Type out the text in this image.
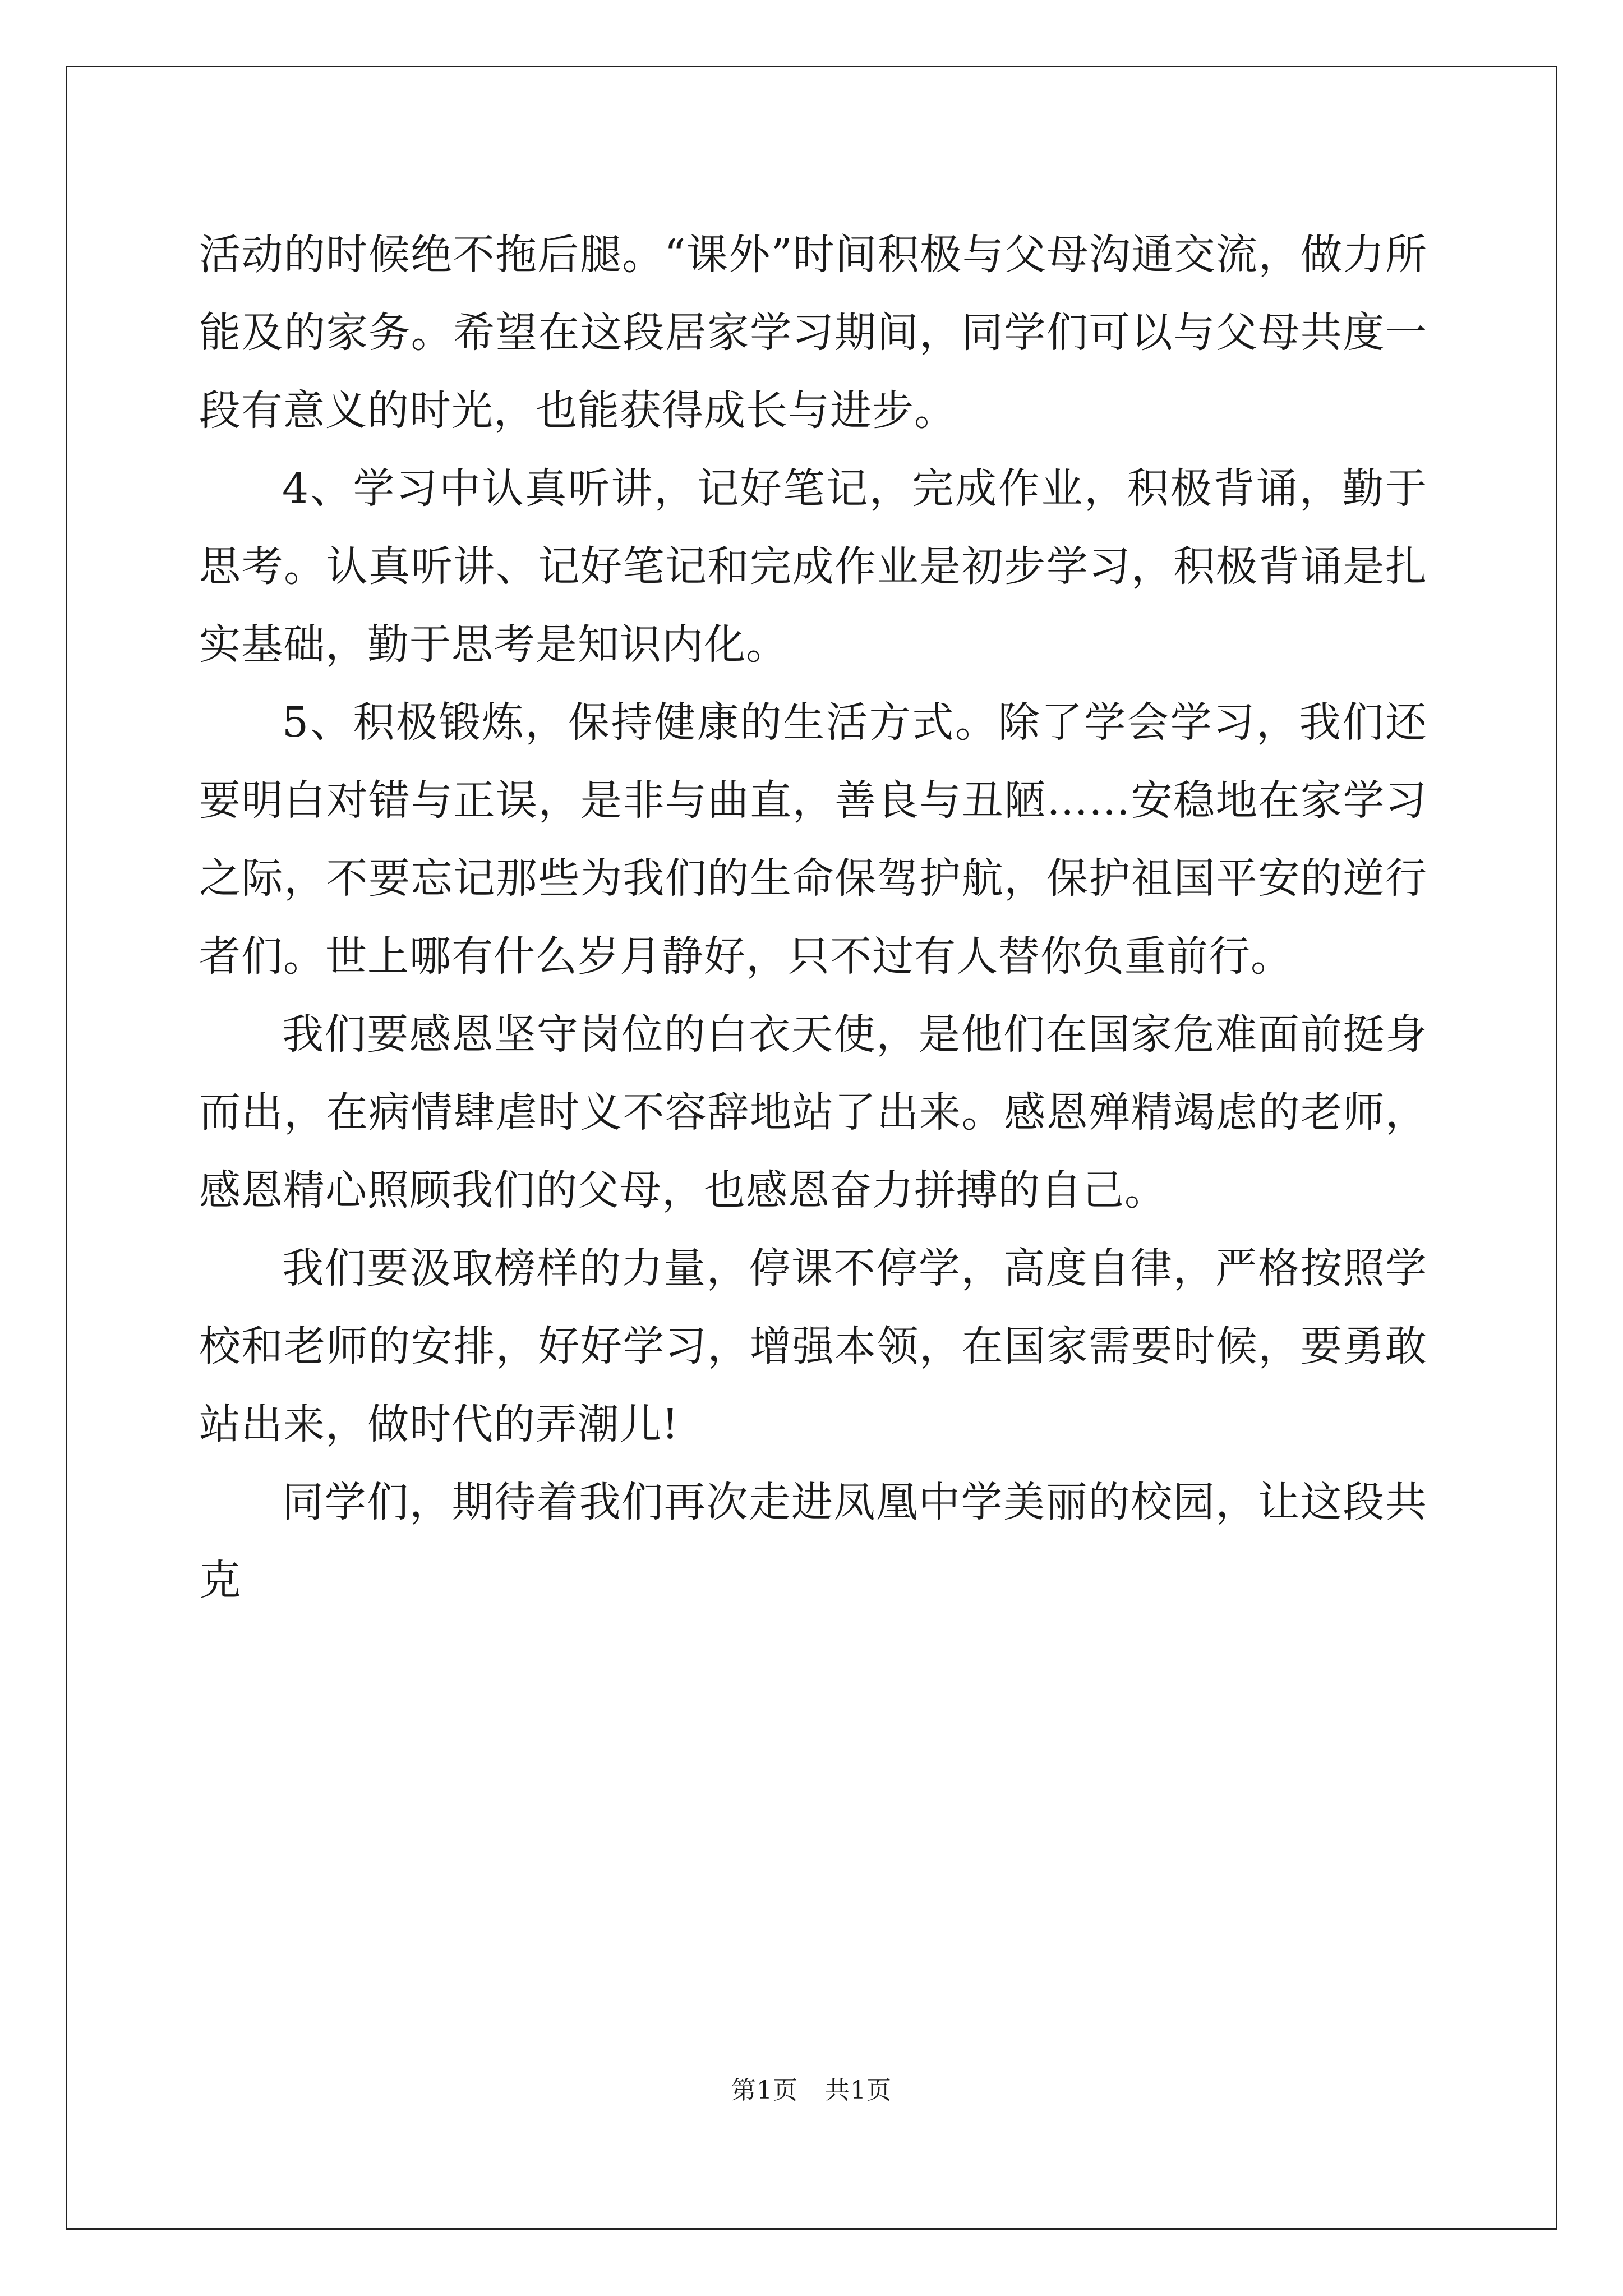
活动的时候绝不拖后腿。“课外”时间积极与父母沟通交流，做力所能及的家务。希望在这段居家学习期间，同学们可以与父母共度一段有意义的时光，也能获得成长与进步。

4、学习中认真听讲，记好笔记，完成作业，积极背诵，勤于思考。认真听讲、记好笔记和完成作业是初步学习，积极背诵是扎实基础，勤于思考是知识内化。

5、积极锻炼，保持健康的生活方式。除了学会学习，我们还要明白对错与正误，是非与曲直，善良与丑陋……安稳地在家学习之际，不要忘记那些为我们的生命保驾护航，保护祖国平安的逆行者们。世上哪有什么岁月静好，只不过有人替你负重前行。

我们要感恩坚守岗位的白衣天使，是他们在国家危难面前挺身而出，在病情肆虐时义不容辞地站了出来。感恩殚精竭虑的老师，感恩精心照顾我们的父母，也感恩奋力拼搏的自己。

我们要汲取榜样的力量，停课不停学，高度自律，严格按照学校和老师的安排，好好学习，增强本领，在国家需要时候，要勇敢站出来，做时代的弄潮儿!

同学们，期待着我们再次走进凤凰中学美丽的校园，让这段共克

第1页 共1页
